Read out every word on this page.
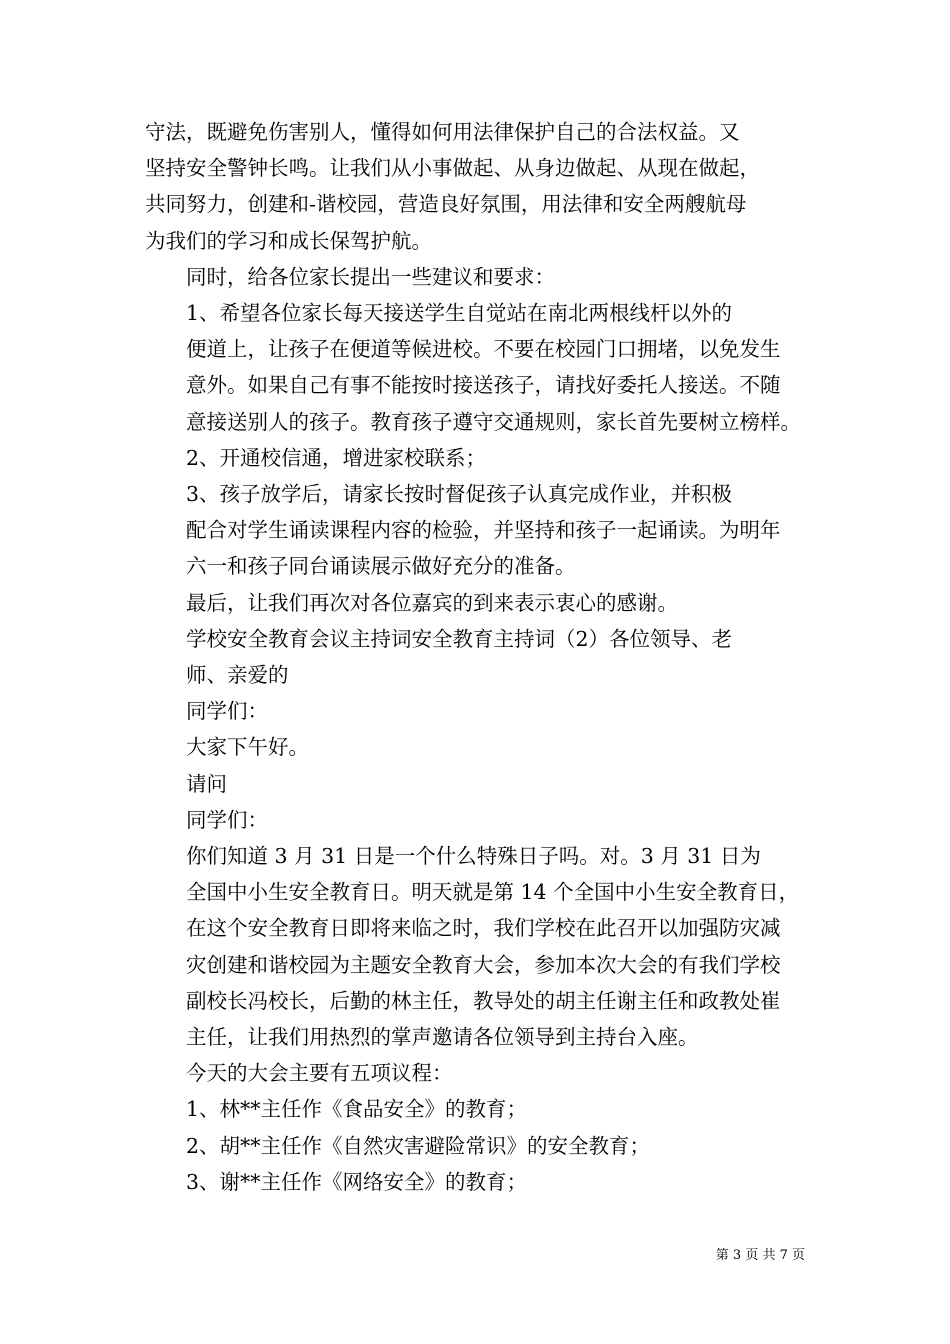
守法，既避免伤害别人，懂得如何用法律保护自己的合法权益。又
坚持安全警钟长鸣。让我们从小事做起、从身边做起、从现在做起，
共同努力，创建和-谐校园，营造良好氛围，用法律和安全两艘航母
为我们的学习和成长保驾护航。

同时，给各位家长提出一些建议和要求：

1、希望各位家长每天接送学生自觉站在南北两根线杆以外的
便道上，让孩子在便道等候进校。不要在校园门口拥堵，以免发生
意外。如果自己有事不能按时接送孩子，请找好委托人接送。不随
意接送别人的孩子。教育孩子遵守交通规则，家长首先要树立榜样。

2、开通校信通，增进家校联系；

3、孩子放学后，请家长按时督促孩子认真完成作业，并积极
配合对学生诵读课程内容的检验，并坚持和孩子一起诵读。为明年
六一和孩子同台诵读展示做好充分的准备。

最后，让我们再次对各位嘉宾的到来表示衷心的感谢。

学校安全教育会议主持词安全教育主持词（2）各位领导、老
师、亲爱的

同学们：

大家下午好。

请问

同学们：

你们知道 3 月 31 日是一个什么特殊日子吗。对。3 月 31 日为
全国中小生安全教育日。明天就是第 14 个全国中小生安全教育日，
在这个安全教育日即将来临之时，我们学校在此召开以加强防灾减
灾创建和谐校园为主题安全教育大会，参加本次大会的有我们学校
副校长冯校长，后勤的林主任，教导处的胡主任谢主任和政教处崔
主任，让我们用热烈的掌声邀请各位领导到主持台入座。

今天的大会主要有五项议程：

1、林**主任作《食品安全》的教育；

2、胡**主任作《自然灾害避险常识》的安全教育；

3、谢**主任作《网络安全》的教育；

第 3 页 共 7 页
